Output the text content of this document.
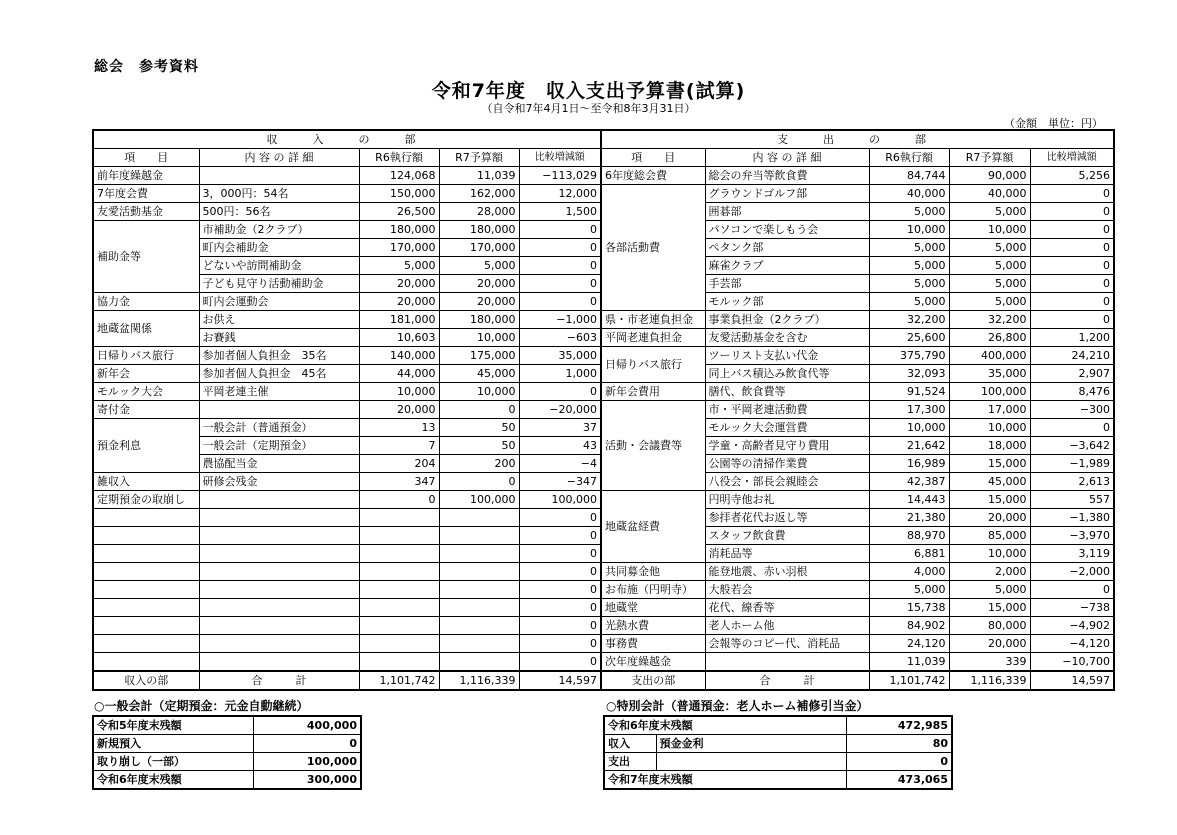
総会　参考資料
令和7年度　収入支出予算書(試算)
（自令和7年4月1日～至令和8年3月31日）
（金額　単位：円）
収　入　の　部					支　出　の　部				
項　　目	内 容 の 詳 細	R6執行額	R7予算額	比較増減額	項　　目	内 容 の 詳 細	R6執行額	R7予算額	比較増減額
前年度繰越金		124,068	11,039	−113,029	6年度総会費	総会の弁当等飲食費	84,744	90,000	5,256
7年度会費	3，000円：54名	150,000	162,000	12,000	各部活動費	グラウンドゴルフ部	40,000	40,000	0
友愛活動基金	500円：56名	26,500	28,000	1,500		囲碁部	5,000	5,000	0
補助金等	市補助金（2クラブ）	180,000	180,000	0		パソコンで楽しもう会	10,000	10,000	0
	町内会補助金	170,000	170,000	0		ペタンク部	5,000	5,000	0
	どないや訪問補助金	5,000	5,000	0		麻雀クラブ	5,000	5,000	0
	子ども見守り活動補助金	20,000	20,000	0		手芸部	5,000	5,000	0
協力金	町内会運動会	20,000	20,000	0		モルック部	5,000	5,000	0
地蔵盆関係	お供え	181,000	180,000	−1,000	県・市老連負担金	事業負担金（2クラブ）	32,200	32,200	0
	お賽銭	10,603	10,000	−603	平岡老連負担金	友愛活動基金を含む	25,600	26,800	1,200
日帰りバス旅行	参加者個人負担金　35名	140,000	175,000	35,000	日帰りバス旅行	ツーリスト支払い代金	375,790	400,000	24,210
新年会	参加者個人負担金　45名	44,000	45,000	1,000		同上バス積込み飲食代等	32,093	35,000	2,907
モルック大会	平岡老連主催	10,000	10,000	0	新年会費用	膳代、飲食費等	91,524	100,000	8,476
寄付金		20,000	0	−20,000	活動・会議費等	市・平岡老連活動費	17,300	17,000	−300
預金利息	一般会計（普通預金）	13	50	37		モルック大会運営費	10,000	10,000	0
	一般会計（定期預金）	7	50	43		学童・高齢者見守り費用	21,642	18,000	−3,642
	農協配当金	204	200	−4		公園等の清掃作業費	16,989	15,000	−1,989
雑収入	研修会残金	347	0	−347		八役会・部長会親睦会	42,387	45,000	2,613
定期預金の取崩し		0	100,000	100,000	地蔵盆経費	円明寺他お礼	14,443	15,000	557
				0		参拝者花代お返し等	21,380	20,000	−1,380
				0		スタッフ飲食費	88,970	85,000	−3,970
				0		消耗品等	6,881	10,000	3,119
				0	共同募金他	能登地震、赤い羽根	4,000	2,000	−2,000
				0	お布施（円明寺）	大般若会	5,000	5,000	0
				0	地蔵堂	花代、線香等	15,738	15,000	−738
				0	光熱水費	老人ホーム他	84,902	80,000	−4,902
				0	事務費	会報等のコピー代、消耗品	24,120	20,000	−4,120
				0	次年度繰越金		11,039	339	−10,700
収入の部	合　　　計	1,101,742	1,116,339	14,597	支出の部	合　　　計	1,101,742	1,116,339	14,597
○一般会計（定期預金：元金自動継続）
令和5年度末残額	400,000
新規預入	0
取り崩し（一部）	100,000
令和6年度末残額	300,000
○特別会計（普通預金：老人ホーム補修引当金）
令和6年度末残額		472,985
収入	預金金利	80
支出		0
令和7年度末残額		473,065
